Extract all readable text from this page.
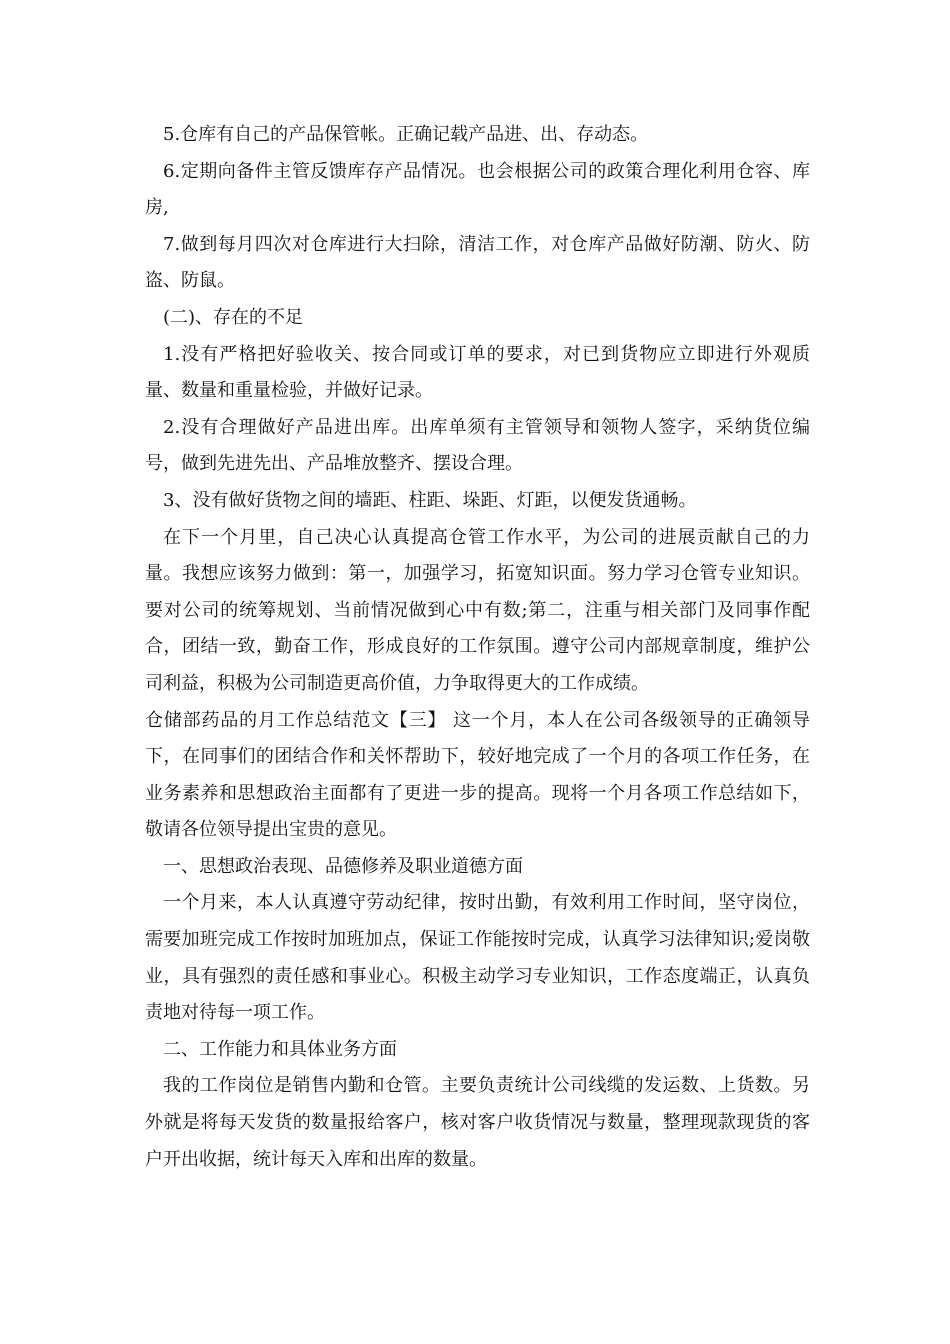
5.仓库有自己的产品保管帐。正确记载产品进、出、存动态。

6.定期向备件主管反馈库存产品情况。也会根据公司的政策合理化利用仓容、库房,

7.做到每月四次对仓库进行大扫除，清洁工作，对仓库产品做好防潮、防火、防盗、防鼠。

(二)、存在的不足

1.没有严格把好验收关、按合同或订单的要求，对已到货物应立即进行外观质量、数量和重量检验，并做好记录。

2.没有合理做好产品进出库。出库单须有主管领导和领物人签字，采纳货位编号，做到先进先出、产品堆放整齐、摆设合理。

3、没有做好货物之间的墙距、柱距、垛距、灯距，以便发货通畅。

在下一个月里，自己决心认真提高仓管工作水平，为公司的进展贡献自己的力量。我想应该努力做到：第一，加强学习，拓宽知识面。努力学习仓管专业知识。要对公司的统筹规划、当前情况做到心中有数;第二，注重与相关部门及同事作配合，团结一致，勤奋工作，形成良好的工作氛围。遵守公司内部规章制度，维护公司利益，积极为公司制造更高价值，力争取得更大的工作成绩。

仓储部药品的月工作总结范文【三】 这一个月，本人在公司各级领导的正确领导下，在同事们的团结合作和关怀帮助下，较好地完成了一个月的各项工作任务，在业务素养和思想政治主面都有了更进一步的提高。现将一个月各项工作总结如下，敬请各位领导提出宝贵的意见。

一、思想政治表现、品德修养及职业道德方面

一个月来，本人认真遵守劳动纪律，按时出勤，有效利用工作时间，坚守岗位，需要加班完成工作按时加班加点，保证工作能按时完成，认真学习法律知识;爱岗敬业，具有强烈的责任感和事业心。积极主动学习专业知识，工作态度端正，认真负责地对待每一项工作。

二、工作能力和具体业务方面

我的工作岗位是销售内勤和仓管。主要负责统计公司线缆的发运数、上货数。另外就是将每天发货的数量报给客户，核对客户收货情况与数量，整理现款现货的客户开出收据，统计每天入库和出库的数量。
